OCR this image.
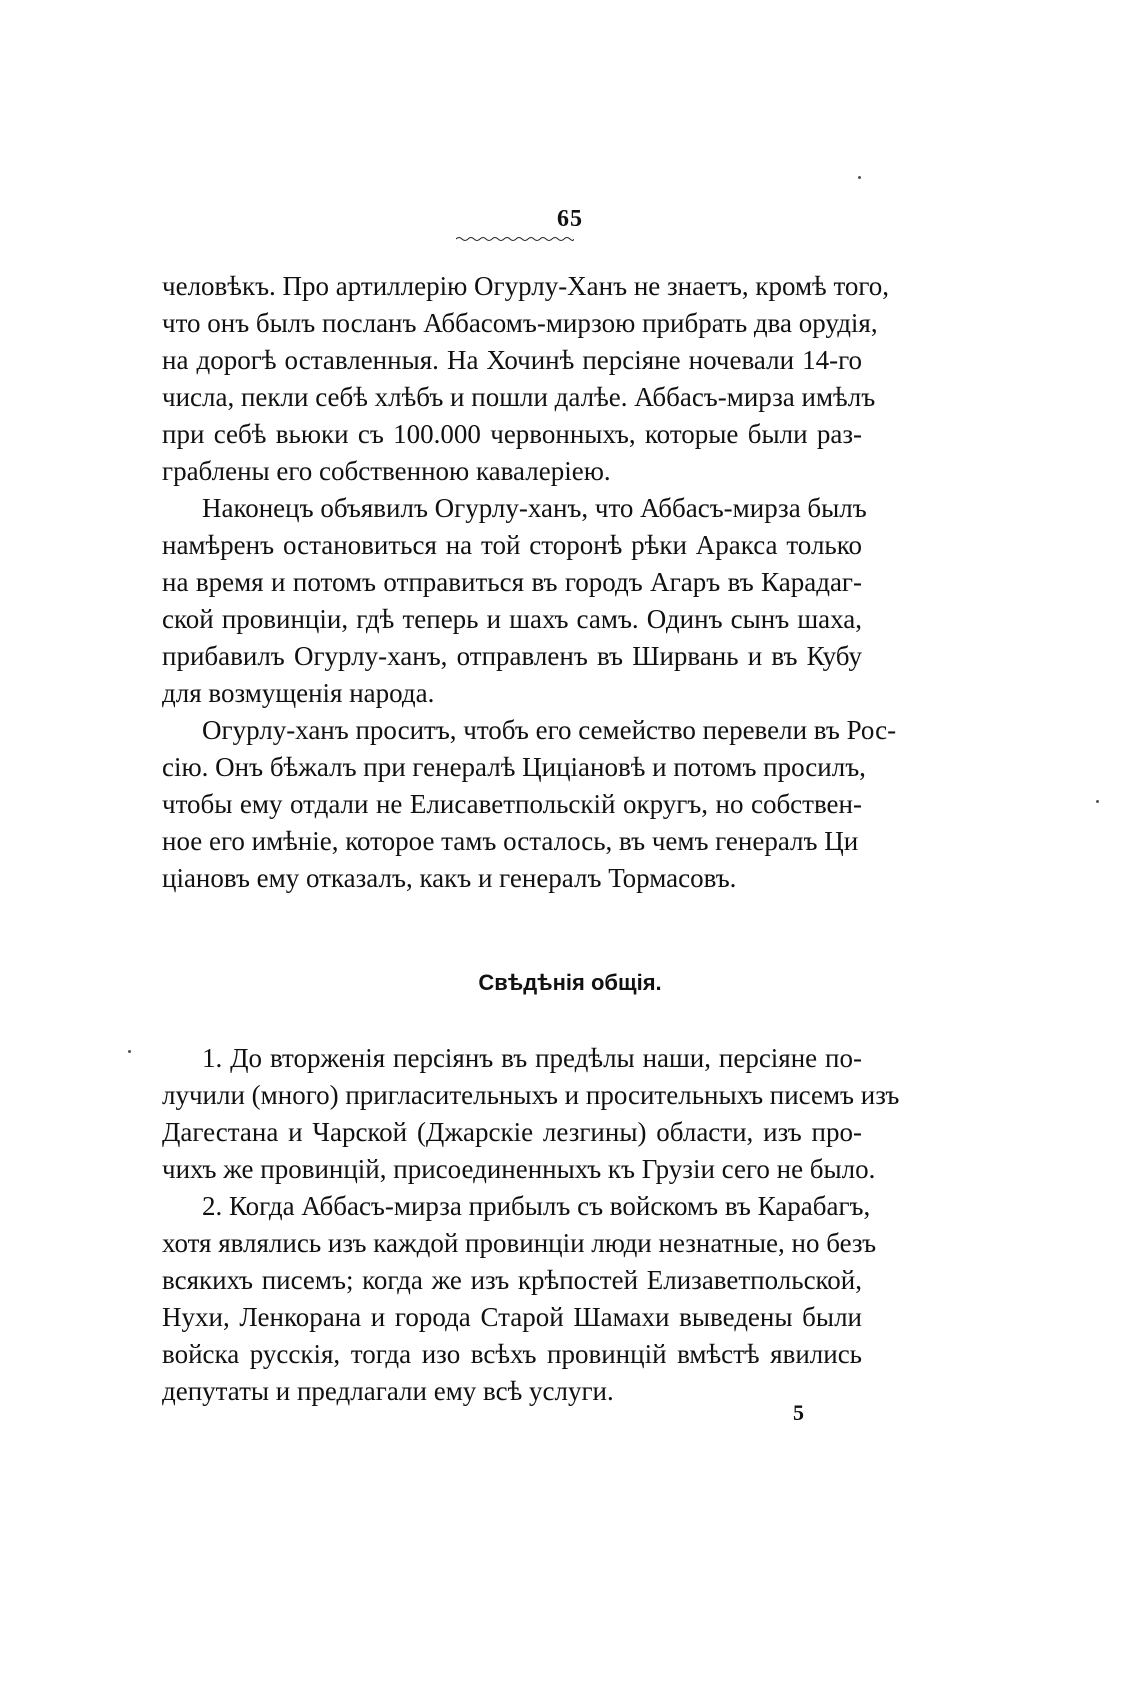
65
человѣкъ. Про артиллерію Огурлу-Ханъ не знаетъ, кромѣ того,
что онъ былъ посланъ Аббасомъ-мирзою прибрать два орудія,
на дорогѣ оставленныя. На Хочинѣ персіяне ночевали 14-го
числа, пекли себѣ хлѣбъ и пошли далѣе. Аббасъ-мирза имѣлъ
при себѣ вьюки съ 100.000 червонныхъ, которые были раз-
граблены его собственною кавалеріею.
Наконецъ объявилъ Огурлу-ханъ, что Аббасъ-мирза былъ
намѣренъ остановиться на той сторонѣ рѣки Аракса только
на время и потомъ отправиться въ городъ Агаръ въ Карадаг-
ской провинціи, гдѣ теперь и шахъ самъ. Одинъ сынъ шаха,
прибавилъ Огурлу-ханъ, отправленъ въ Ширвань и въ Кубу
для возмущенія народа.
Огурлу-ханъ проситъ, чтобъ его семейство перевели въ Рос-
сію. Онъ бѣжалъ при генералѣ Циціановѣ и потомъ просилъ,
чтобы ему отдали не Елисаветпольскій округъ, но собствен-
ное его имѣніе, которое тамъ осталось, въ чемъ генералъ Ци
ціановъ ему отказалъ, какъ и генералъ Тормасовъ.
Свѣдѣнія общія.
1. До вторженія персіянъ въ предѣлы наши, персіяне по-
лучили (много) пригласительныхъ и просительныхъ писемъ изъ
Дагестана и Чарской (Джарскіе лезгины) области, изъ про-
чихъ же провинцій, присоединенныхъ къ Грузіи сего не было.
2. Когда Аббасъ-мирза прибылъ съ войскомъ въ Карабагъ,
хотя являлись изъ каждой провинціи люди незнатные, но безъ
всякихъ писемъ; когда же изъ крѣпостей Елизаветпольской,
Нухи, Ленкорана и города Старой Шамахи выведены были
войска русскія, тогда изо всѣхъ провинцій вмѣстѣ явились
депутаты и предлагали ему всѣ услуги.
5
